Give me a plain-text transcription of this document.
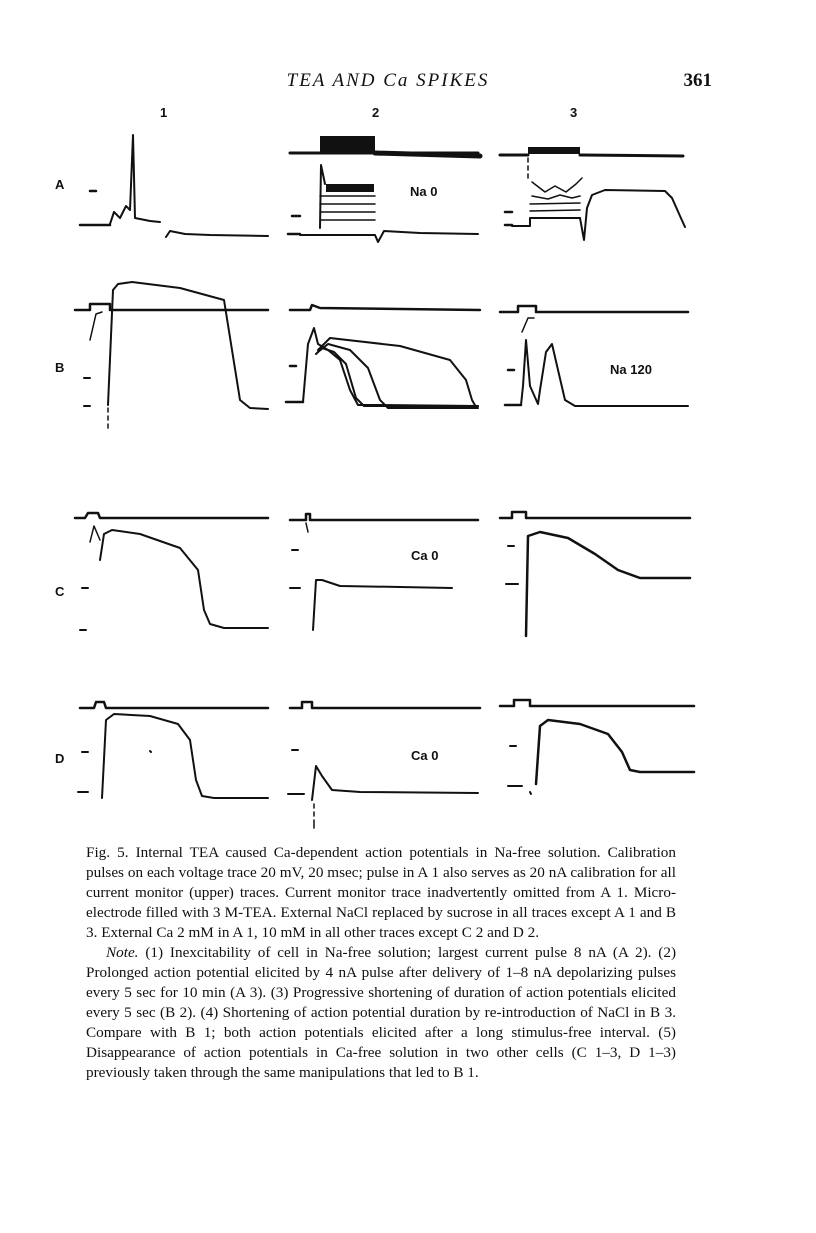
TEA AND Ca SPIKES	361
1	2	3
A
B
C
D
Na 0
Na 120
Ca 0
Ca 0

Fig. 5. Internal TEA caused Ca-dependent action potentials in Na-free solution. Calibration pulses on each voltage trace 20 mV, 20 msec; pulse in A 1 also serves as 20 nA calibration for all current monitor (upper) traces. Current monitor trace inadvertently omitted from A 1. Micro-electrode filled with 3 M-TEA. External NaCl replaced by sucrose in all traces except A 1 and B 3. External Ca 2 mM in A 1, 10 mM in all other traces except C 2 and D 2.

Note. (1) Inexcitability of cell in Na-free solution; largest current pulse 8 nA (A 2). (2) Prolonged action potential elicited by 4 nA pulse after delivery of 1–8 nA depolarizing pulses every 5 sec for 10 min (A 3). (3) Progressive shortening of duration of action potentials elicited every 5 sec (B 2). (4) Shortening of action potential duration by re-introduction of NaCl in B 3. Compare with B 1; both action potentials elicited after a long stimulus-free interval. (5) Disappearance of action potentials in Ca-free solution in two other cells (C 1–3, D 1–3) previously taken through the same manipulations that led to B 1.
